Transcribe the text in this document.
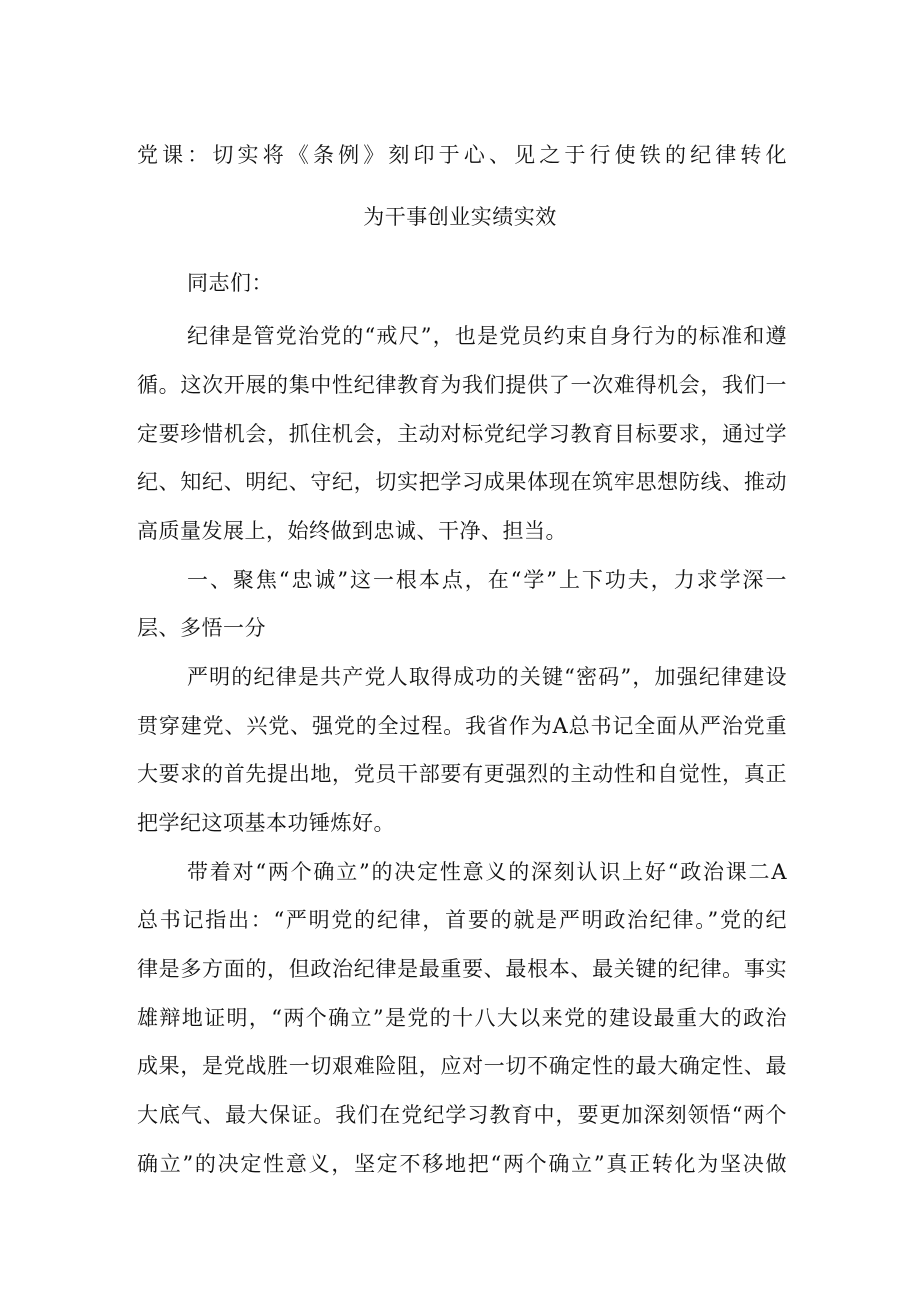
党课：切实将《条例》刻印于心、见之于行使铁的纪律转化
为干事创业实绩实效
同志们：
纪律是管党治党的“戒尺”，也是党员约束自身行为的标准和遵
循。这次开展的集中性纪律教育为我们提供了一次难得机会，我们一
定要珍惜机会，抓住机会，主动对标党纪学习教育目标要求，通过学
纪、知纪、明纪、守纪，切实把学习成果体现在筑牢思想防线、推动
高质量发展上，始终做到忠诚、干净、担当。
一、聚焦“忠诚”这一根本点，在“学”上下功夫，力求学深一
层、多悟一分
严明的纪律是共产党人取得成功的关键“密码”，加强纪律建设
贯穿建党、兴党、强党的全过程。我省作为A总书记全面从严治党重
大要求的首先提出地，党员干部要有更强烈的主动性和自觉性，真正
把学纪这项基本功锤炼好。
带着对“两个确立”的决定性意义的深刻认识上好“政治课二A
总书记指出：“严明党的纪律，首要的就是严明政治纪律。”党的纪
律是多方面的，但政治纪律是最重要、最根本、最关键的纪律。事实
雄辩地证明，“两个确立”是党的十八大以来党的建设最重大的政治
成果，是党战胜一切艰难险阻，应对一切不确定性的最大确定性、最
大底气、最大保证。我们在党纪学习教育中，要更加深刻领悟“两个
确立”的决定性意义，坚定不移地把“两个确立”真正转化为坚决做
